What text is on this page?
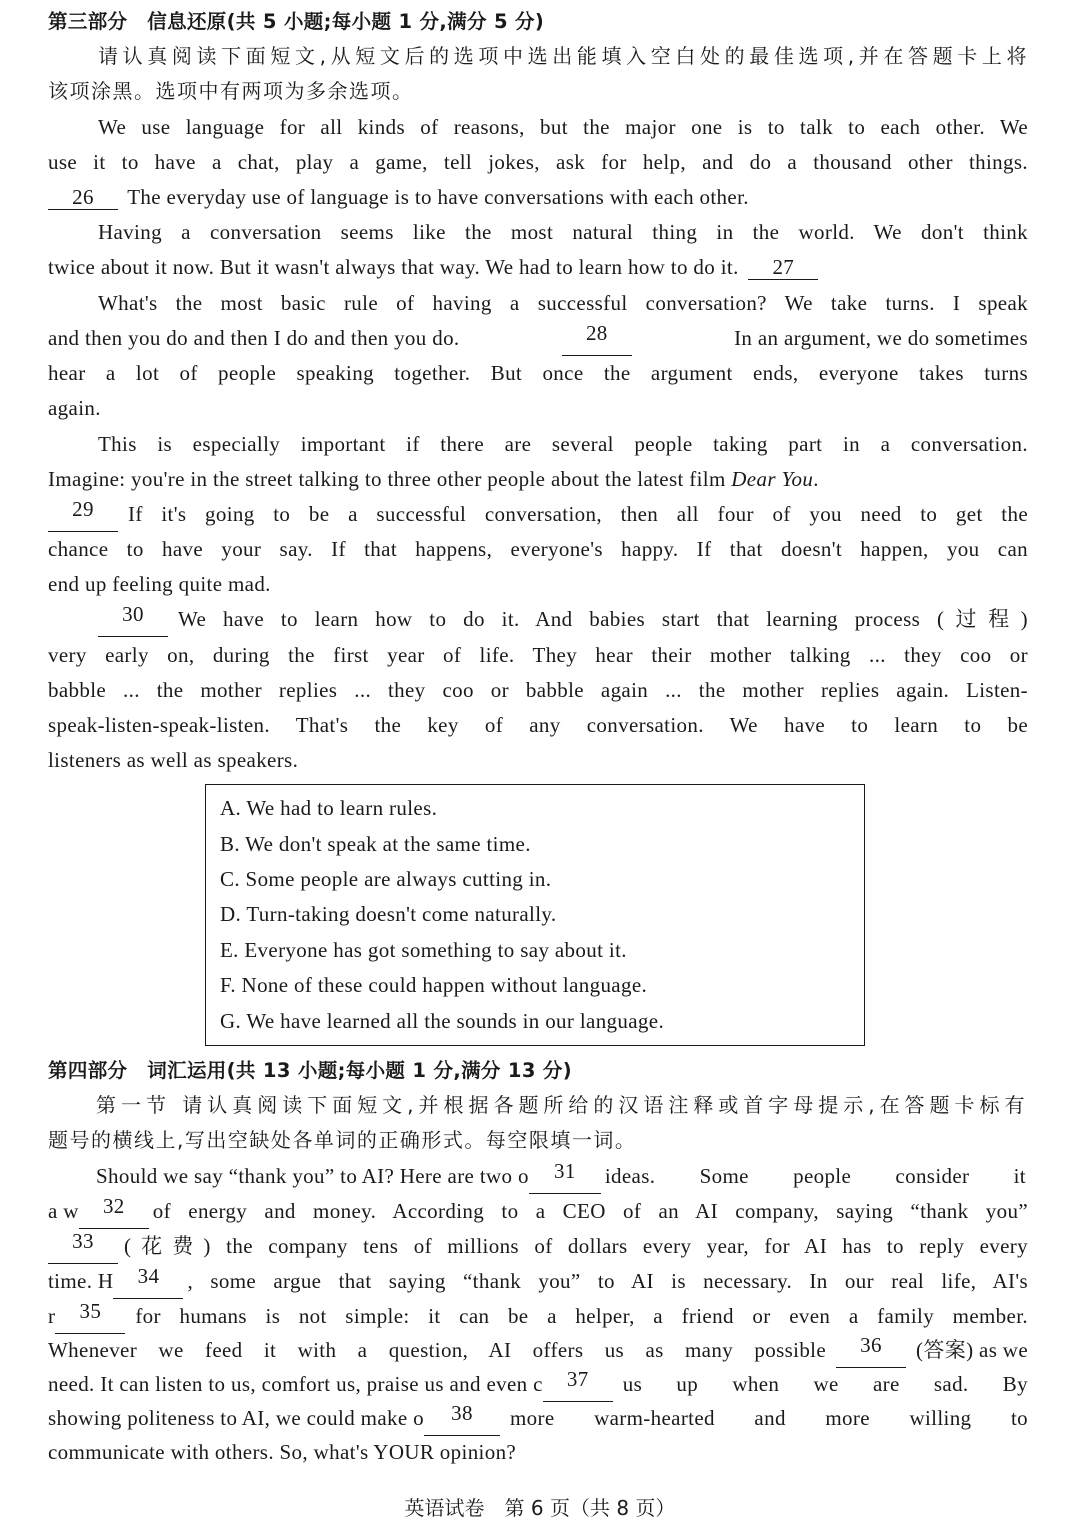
第三部分　信息还原(共 5 小题;每小题 1 分,满分 5 分)
请认真阅读下面短文,从短文后的选项中选出能填入空白处的最佳选项,并在答题卡上将
该项涂黑。选项中有两项为多余选项。
We use language for all kinds of reasons, but the major one is to talk to each other. We
use it to have a chat, play a game, tell jokes, ask for help, and do a thousand other things.
26 The everyday use of language is to have conversations with each other.
Having a conversation seems like the most natural thing in the world. We don't think
twice about it now. But it wasn't always that way. We had to learn how to do it. 27
What's the most basic rule of having a successful conversation? We take turns. I speak
and then you do and then I do and then you do.	28	In an argument, we do sometimes
hear a lot of people speaking together. But once the argument ends, everyone takes turns
again.
This is especially important if there are several people taking part in a conversation.
Imagine: you're in the street talking to three other people about the latest film Dear You.
29	If it's going to be a successful conversation, then all four of you need to get the
chance to have your say. If that happens, everyone's happy. If that doesn't happen, you can
end up feeling quite mad.
30	We have to learn how to do it. And babies start that learning process (过程)
very early on, during the first year of life. They hear their mother talking ... they coo or
babble ... the mother replies ... they coo or babble again ... the mother replies again. Listen-
speak-listen-speak-listen. That's the key of any conversation. We have to learn to be
listeners as well as speakers.
A. We had to learn rules.
B. We don't speak at the same time.
C. Some people are always cutting in.
D. Turn-taking doesn't come naturally.
E. Everyone has got something to say about it.
F. None of these could happen without language.
G. We have learned all the sounds in our language.
第四部分　词汇运用(共 13 小题;每小题 1 分,满分 13 分)
第一节 请认真阅读下面短文,并根据各题所给的汉语注释或首字母提示,在答题卡标有
题号的横线上,写出空缺处各单词的正确形式。每空限填一词。
Should we say “thank you” to AI? Here are two o	31	ideas. Some people consider it
a w	32	of energy and money. According to a CEO of an AI company, saying “thank you”
33	(花费) the company tens of millions of dollars every year, for AI has to reply every
time. H	34	, some argue that saying “thank you” to AI is necessary. In our real life, AI's
r	35	for humans is not simple: it can be a helper, a friend or even a family member.
Whenever we feed it with a question, AI offers us as many possible	36	(答案) as we
need. It can listen to us, comfort us, praise us and even c	37	us up when we are sad. By
showing politeness to AI, we could make o	38	more warm-hearted and more willing to
communicate with others. So, what's YOUR opinion?
英语试卷　第 6 页（共 8 页）
